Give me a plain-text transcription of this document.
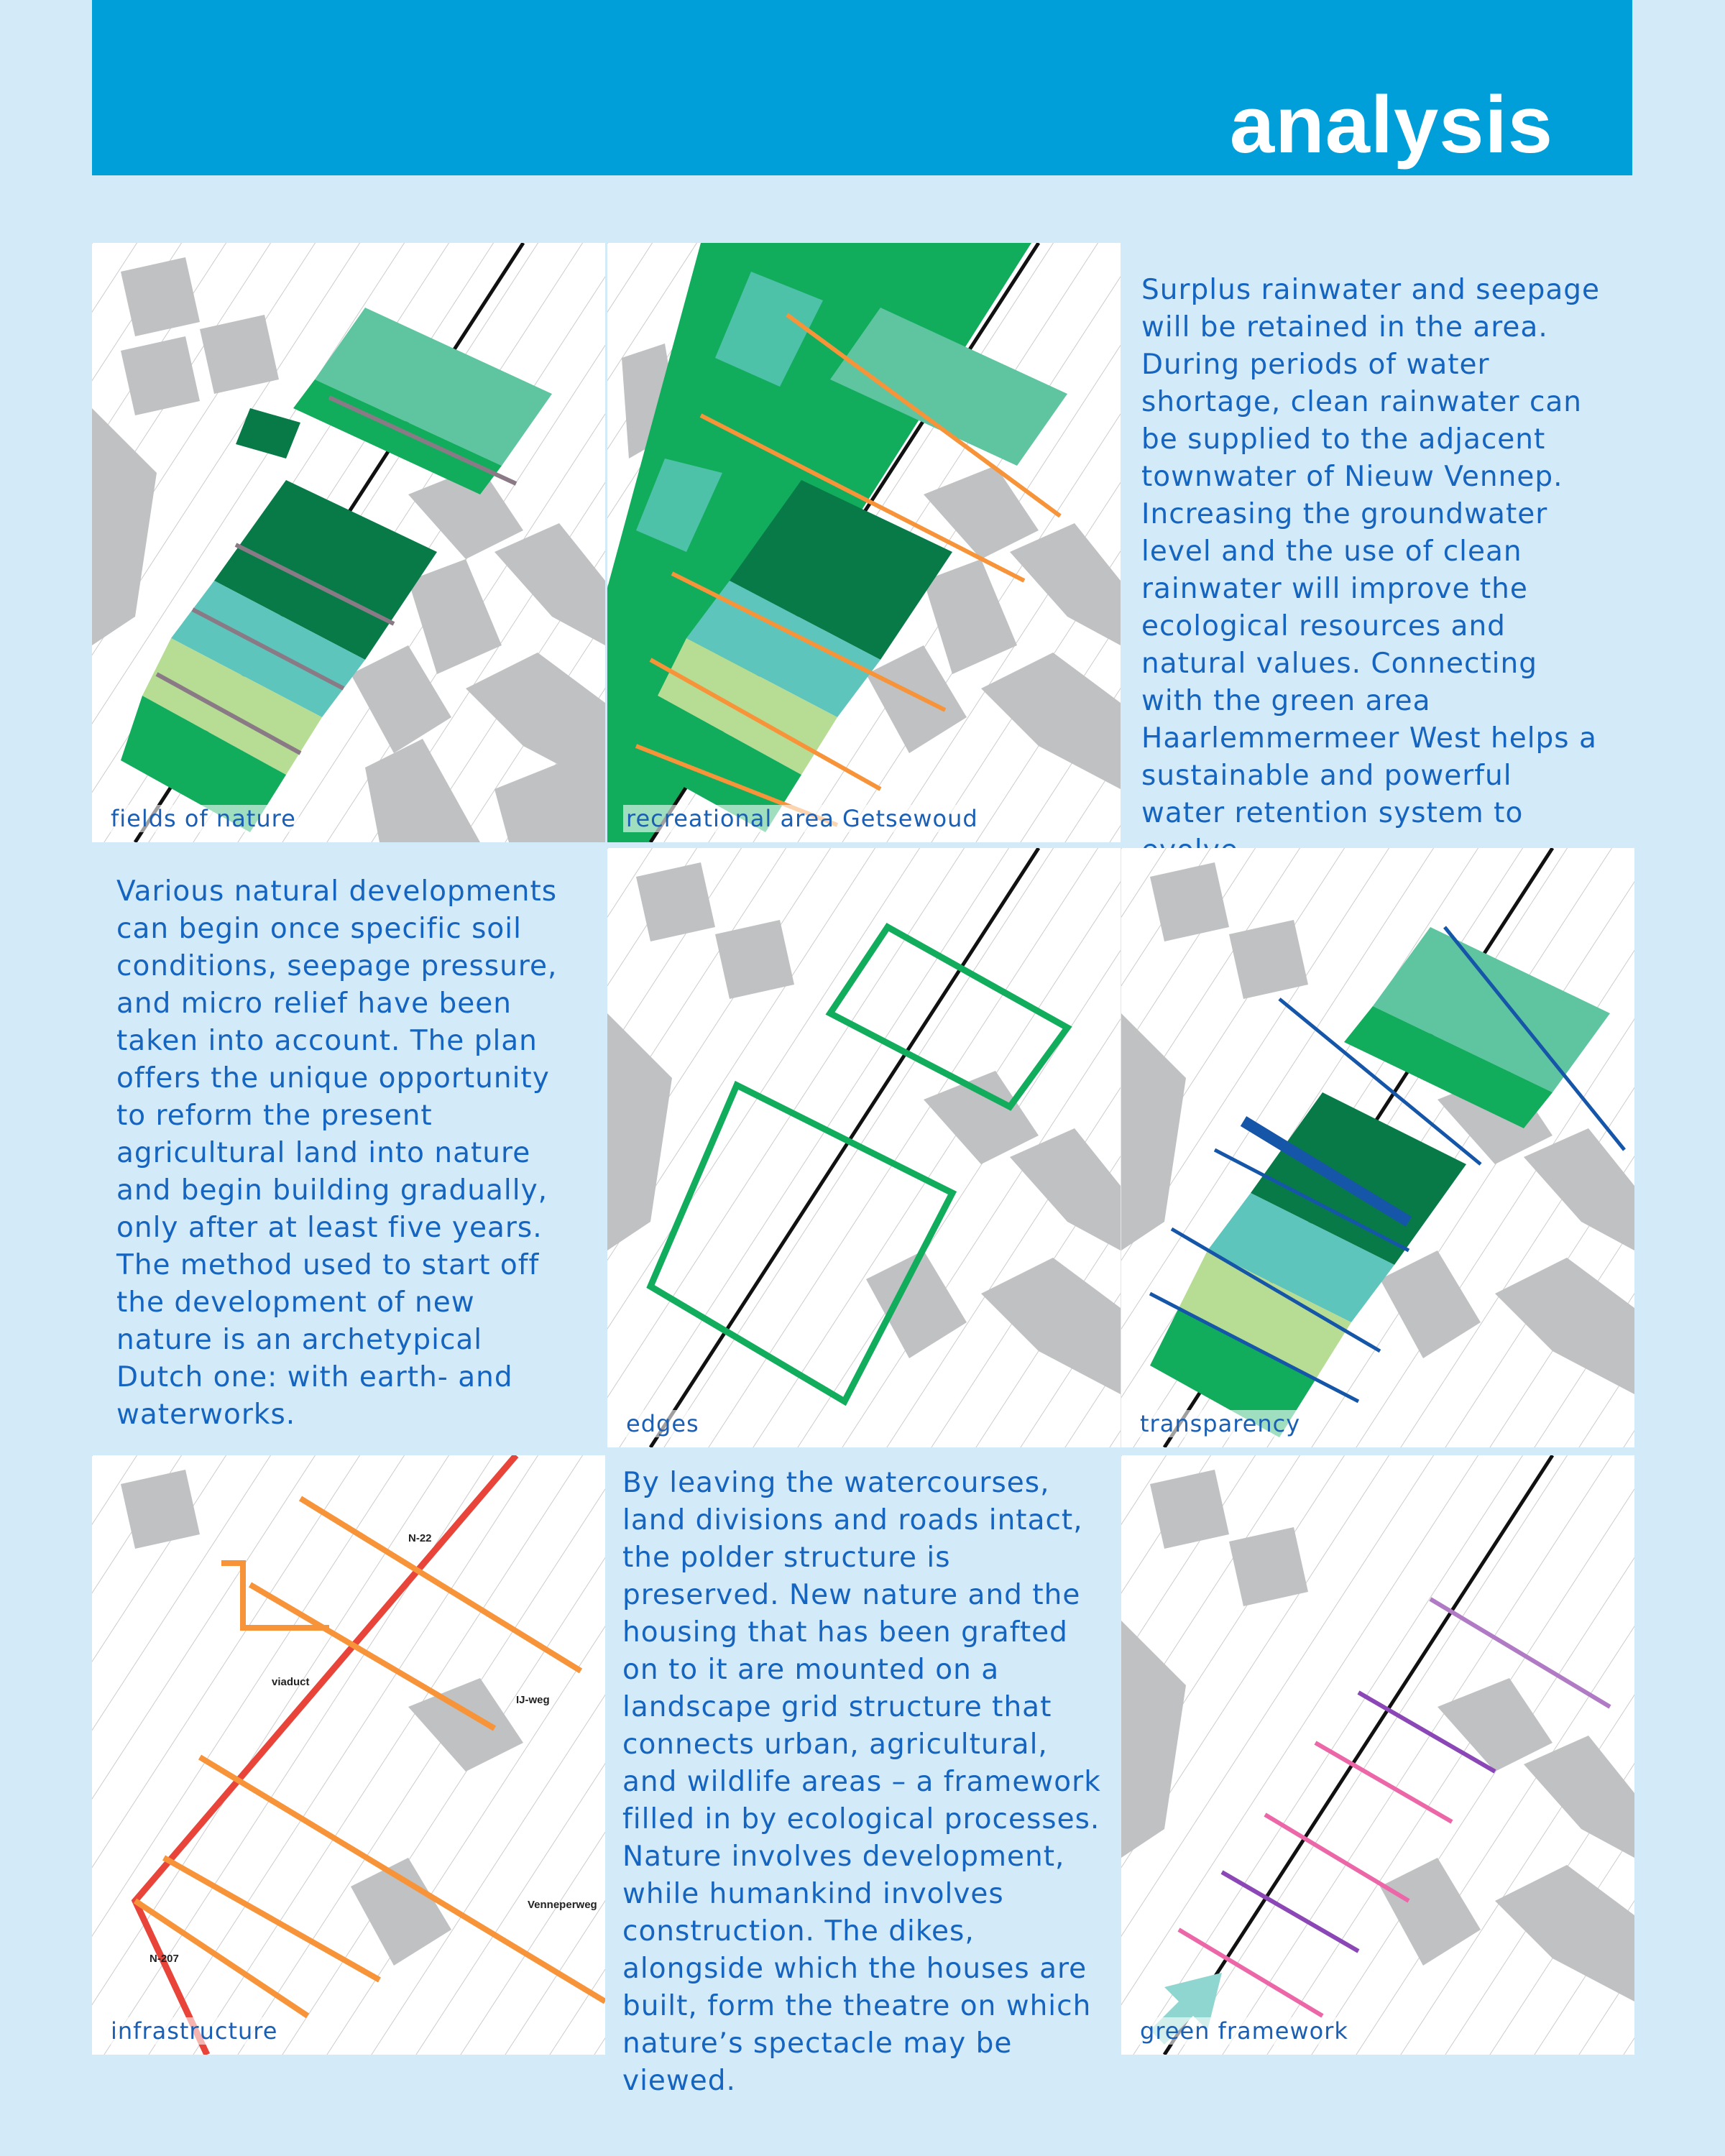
analysis
fields of nature	recreational area Getsewoud
Surplus rainwater and seepage will be retained in the area. During periods of water shortage, clean rainwater can be supplied to the adjacent townwater of Nieuw Vennep. Increasing the groundwater level and the use of clean rainwater will improve the ecological resources and natural values. Connecting with the green area Haarlemmermeer West helps a sustainable and powerful water retention system to
Various natural developments can begin once specific soil conditions, seepage pressure, and micro relief have been taken into account. The plan offers the unique opportunity to reform the present agricultural land into nature and begin building gradually, only after at least five years. The method used to start off the development of new nature is an archetypical Dutch one: with earth- and waterworks.	edges	transparency
N-22
viaduct
IJ-weg
Venneperweg
N-207
infrastructure
By leaving the watercourses, land divisions and roads intact, the polder structure is preserved. New nature and the housing that has been grafted on to it are mounted on a landscape grid structure that connects urban, agricultural, and wildlife areas – a framework filled in by ecological processes. Nature involves development, while humankind involves construction. The dikes, alongside which the houses are built, form the theatre on which nature’s spectacle may be viewed.
green framework
